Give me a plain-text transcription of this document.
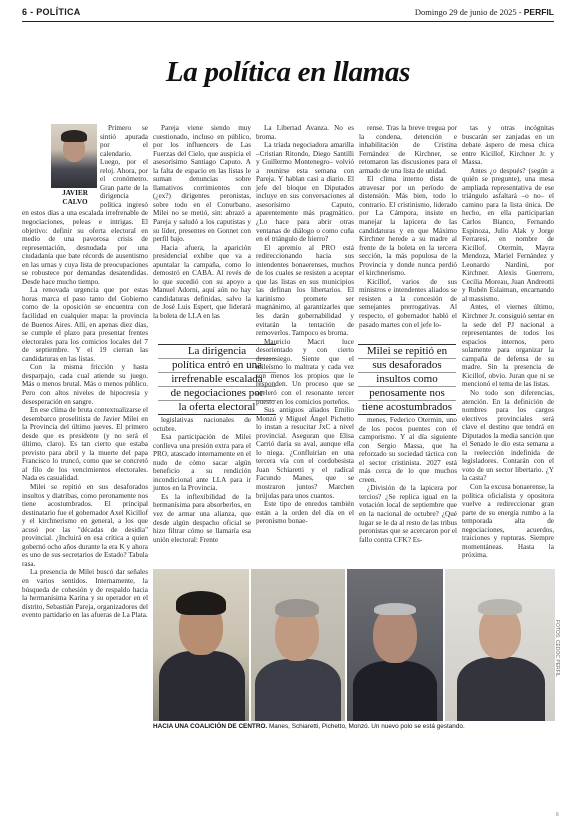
6 - POLÍTICA	Domingo 29 de junio de 2025 - PERFIL
La política en llamas
JAVIER
CALVO

Primero se sintió apurada por el calendario. Luego, por el reloj. Ahora, por el cronómetro. Gran parte de la dirigencia política ingresó en estos días a una escalada irrefrenable de negociaciones, peleas e intrigas. El objetivo: definir su oferta electoral en medio de una pavorosa crisis de representación, desnudada por una ciudadanía que bate récords de ausentismo en las urnas y cuya lista de preocupaciones se robustece por demandas desatendidas. Desde hace mucho tiempo.

La renovada urgencia que por estas horas marca el paso tanto del Gobierno como de la oposición se encuentra con facilidad en cualquier mapa: la provincia de Buenos Aires. Allí, en apenas diez días, se cumple el plazo para presentar frentes electorales para los comicios locales del 7 de septiembre. Y el 19 cierran las candidaturas en las listas.

Con la misma fricción y hasta desparpajo, cada cual atiende su juego. Más o menos brutal. Más o menos público. Pero con altos niveles de hipocresía y desesperación en sangre.

En ese clima de bruta contextualizarse el desembarco proselitista de Javier Milei en la Provincia del último jueves. El primero desde que es presidente (y no será el último, claro). Es tan cierto que estaba previsto para abril y la muerte del papa Francisco lo truncó, como que se concretó al filo de los vencimientos electorales. Nada es casualidad.

Milei se repitió en sus desaforados insultos y diatribas, como peronamente nos tiene acostumbrados. El principal destinatario fue el gobernador Axel Kicillof y el kirchnerismo en general, a los que acusó por las "décadas de desidia" provincial. ¿Incluirá en esa crítica a quien gobernó ocho años durante la era K y ahora es uno de sus secretarios de Estado? Tabula rasa.

La presencia de Milei buscó dar señales en varios sentidos. Internamente, la búsqueda de cohesión y de respaldo hacia la hermanísima Karina y su operador en el distrito, Sebastián Pareja, organizadores del evento partidario en las afueras de La Plata.

Pareja viene siendo muy cuestionado, incluso en público, por los influencers de Las Fuerzas del Cielo, que auspicia el asesorísimo Santiago Caputo. A la falta de espacio en las listas le suman denuncias sobre llamativos corrimientos con (¿ex?) dirigentes peronistas, sobre todo en el Conurbano. Milei no se metió, sin: abrazó a Pareja y saludó a los caputistas y su líder, presentes en Gonnet con perfil bajo.

Hacia afuera, la aparición presidencial exhibe que va a apuntalar la campaña, como lo demostró en CABA. Al revés de lo que sucedió con su apoyo a Manuel Adorni, aquí aún no hay candidaturas definidas, salvo la de José Luis Espert, que liderará la boleta de LLA en las

La dirigencia
política entró en una
irrefrenable escalada
de negociaciones por
la oferta electoral

legislativas nacionales de octubre.

Esa participación de Milei conlleva una presión extra para el PRO, atascado internamente en el nudo de cómo sacar algún beneficio a su rendición incondicional ante LLA para ir juntos en la Provincia.

Es la inflexibilidad de la hermanísima para absorberlos, en vez de armar una alianza, que desde algún despacho oficial se hizo filtrar cómo se llamaría esa unión electoral: Frente

La Libertad Avanza. No es broma.

La tríada negociadora amarilla –Cristian Ritondo, Diego Santilli y Guillermo Montenegro– volvió a reunirse esta semana con Pareja. Y hablan casi a diario. El jefe del bloque en Diputados incluye en sus conversaciones al asesorísimo Caputo, aparentemente más pragmático. ¿Lo hace para abrir otras ventanas de diálogo o como cuña en el triángulo de hierro?

El apremio al PRO está redireccionando hacia sus intendentes bonaerenses, muchos de los cuales se resisten a aceptar que las listas en sus municipios las definan los libertarios. El karinismo promete ser magnánimo, al garantizarles que les darán gobernabilidad y evitarán la tentación de removerlos. Tampoco es broma.

Mauricio Macri luce desorientado y con cierto desasosiego. Siente que el mileísmo lo maltrata y cada vez son menos los propios que le responden. Un proceso que se aceleró con el resonante tercer puesto en los comicios porteños.

Sus antiguos aliados Emilio Monzó y Miguel Ángel Pichetto lo instan a resucitar JxC a nivel provincial. Aseguran que Elisa Carrió daría su aval, aunque ella lo niega. ¿Confluirían en una tercera vía con el cordobesista Juan Schiaretti y el radical Facundo Manes, que se mostraron juntos? Marchen brújulas para unos cuantos.

Este tipo de enredos también están a la orden del día en el peronismo bonae-

rense. Tras la breve tregua por la condena, detención e inhabilitación de Cristina Fernández de Kirchner, se retomaron las discusiones para el armado de una lista de unidad.

El clima interno dista de atravesar por un período de distensión. Más bien, todo lo contrario. El cristinismo, liderado por La Cámpora, insiste en manejar la lapicera de las candidaturas y en que Máximo Kirchner herede a su madre al frente de la boleta en la tercera sección, la más populosa de la Provincia y donde nunca perdió el kirchnerismo.

Kicillof, varios de sus ministros e intendentes aliados se resisten a la concesión de semejantes prerrogativas. Al respecto, el gobernador habló el pasado martes con el jefe lo-

Milei se repitió en
sus desaforados
insultos como
penosamente nos
tiene acostumbrados

menes, Federico Otermin, uno de los pocos puentes con el camporismo. Y al día siguiente con Sergio Massa, que ha reforzado su sociedad táctica con el sector cristinista. 2027 está más cerca de lo que muchos creen.

¿División de la lapicera por tercios? ¿Se replica igual en la votación local de septiembre que en la nacional de octubre? ¿Qué lugar se le da al resto de las tribus peronistas que se acercaron por el fallo contra CFK? Es-

tas y otras incógnitas buscarán ser zanjadas en un debate áspero de mesa chica entre Kicillof, Kirchner Jr. y Massa.

Antes ¿o después? (según a quién se pregunte), una mesa ampliada representativa de ese triángulo asfaltará –o no– el camino para la lista única. De hecho, en ella participarían Carlos Bianco, Fernando Espinoza, Julio Alak y Jorge Ferraresi, en nombre de Kicillof. Otermín, Mayra Mendoza, Mariel Fernández y Leonardo Nardini, por Kirchner. Alexis Guerrero, Cecilia Moreau, Juan Andreotti y Rubén Eslaiman, encarnando al massismo.

Antes, el viernes último, Kirchner Jr. consiguió sentar en la sede del PJ nacional a representantes de todos los espacios internos, pero solamente para organizar la campaña de defensa de su madre. Sin la presencia de Kicillof, obvio. Juran que ni se mencionó el tema de las listas.

No todo son diferencias, atención. En la definición de nombres para los cargos electivos provinciales será clave el destino que tendrá en Diputados la media sanción que el Senado le dio esta semana a la reelección indefinida de legisladores. Contarán con el voto de un sector libertario. ¿Y la casta?

Con la excusa bonaerense, la política oficialista y opositora vuelve a redireccionar gran parte de su energía rumbo a la temporada alta de negociaciones, acuerdos, traiciones y rupturas. Siempre momentáneas. Hasta la próxima.

HACIA UNA COALICIÓN DE CENTRO. Manes, Schiaretti, Pichetto, Monzó. Un nuevo polo se está gestando.
FOTOS: CEDOC PERFIL
6
